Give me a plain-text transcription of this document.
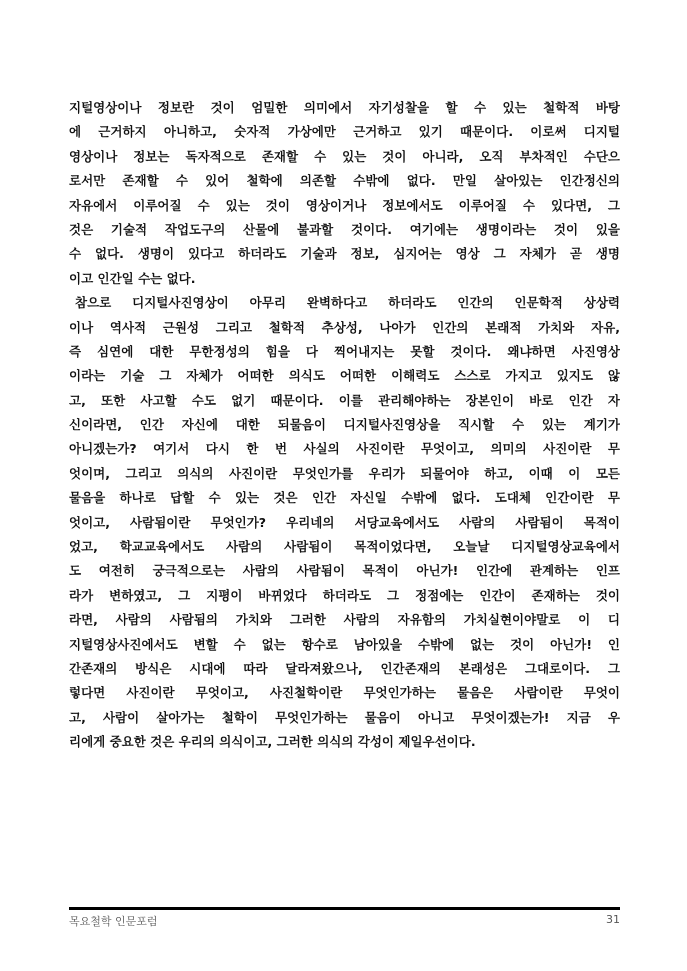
지털영상이나 정보란 것이 엄밀한 의미에서 자기성찰을 할 수 있는 철학적 바탕
에 근거하지 아니하고, 숫자적 가상에만 근거하고 있기 때문이다. 이로써 디지털
영상이나 정보는 독자적으로 존재할 수 있는 것이 아니라, 오직 부차적인 수단으
로서만 존재할 수 있어 철학에 의존할 수밖에 없다. 만일 살아있는 인간정신의
자유에서 이루어질 수 있는 것이 영상이거나 정보에서도 이루어질 수 있다면, 그
것은 기술적 작업도구의 산물에 불과할 것이다. 여기에는 생명이라는 것이 있을
수 없다. 생명이 있다고 하더라도 기술과 정보, 심지어는 영상 그 자체가 곧 생명
이고 인간일 수는 없다.
참으로 디지털사진영상이 아무리 완벽하다고 하더라도 인간의 인문학적 상상력
이나 역사적 근원성 그리고 철학적 추상성, 나아가 인간의 본래적 가치와 자유,
즉 심연에 대한 무한정성의 힘을 다 찍어내지는 못할 것이다. 왜냐하면 사진영상
이라는 기술 그 자체가 어떠한 의식도 어떠한 이해력도 스스로 가지고 있지도 않
고, 또한 사고할 수도 없기 때문이다. 이를 관리해야하는 장본인이 바로 인간 자
신이라면, 인간 자신에 대한 되물음이 디지털사진영상을 직시할 수 있는 계기가
아니겠는가? 여기서 다시 한 번 사실의 사진이란 무엇이고, 의미의 사진이란 무
엇이며, 그리고 의식의 사진이란 무엇인가를 우리가 되물어야 하고, 이때 이 모든
물음을 하나로 답할 수 있는 것은 인간 자신일 수밖에 없다. 도대체 인간이란 무
엇이고, 사람됨이란 무엇인가? 우리네의 서당교육에서도 사람의 사람됨이 목적이
었고, 학교교육에서도 사람의 사람됨이 목적이었다면, 오늘날 디지털영상교육에서
도 여전히 궁극적으로는 사람의 사람됨이 목적이 아닌가! 인간에 관계하는 인프
라가 변하였고, 그 지평이 바뀌었다 하더라도 그 정점에는 인간이 존재하는 것이
라면, 사람의 사람됨의 가치와 그러한 사람의 자유함의 가치실현이야말로 이 디
지털영상사진에서도 변할 수 없는 항수로 남아있을 수밖에 없는 것이 아닌가! 인
간존재의 방식은 시대에 따라 달라져왔으나, 인간존재의 본래성은 그대로이다. 그
렇다면 사진이란 무엇이고, 사진철학이란 무엇인가하는 물음은 사람이란 무엇이
고, 사람이 살아가는 철학이 무엇인가하는 물음이 아니고 무엇이겠는가! 지금 우
리에게 중요한 것은 우리의 의식이고, 그러한 의식의 각성이 제일우선이다.
목요철학 인문포럼	31
